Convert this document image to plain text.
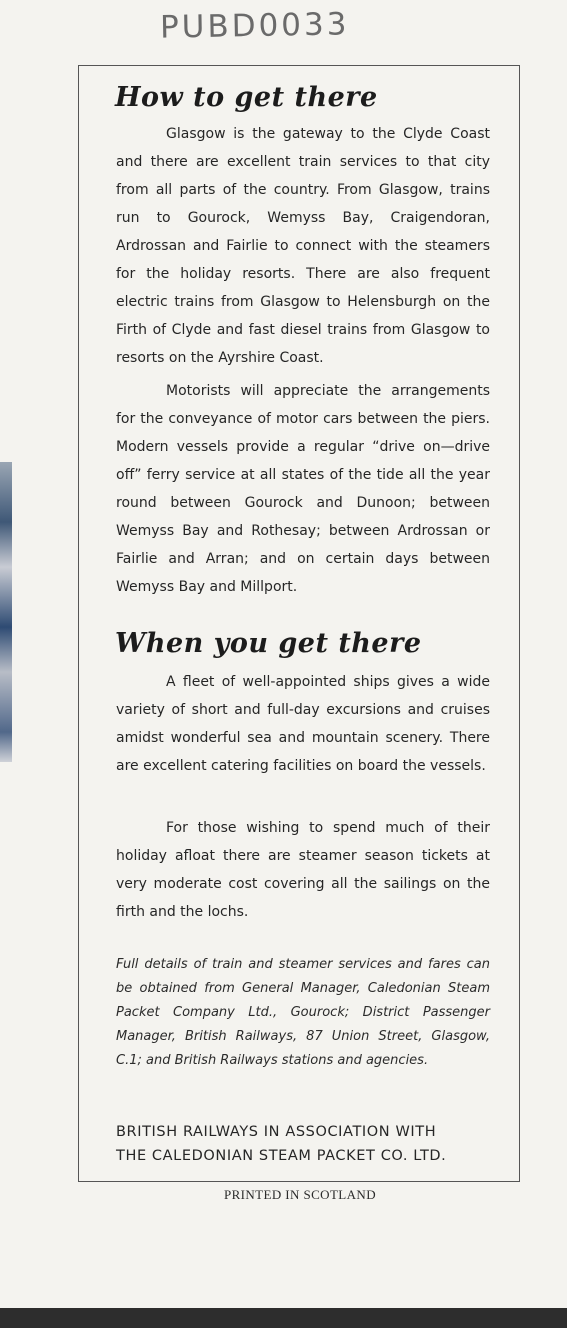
PUBD0033
How to get there

Glasgow is the gateway to the Clyde Coast and there are excellent train services to that city from all parts of the country. From Glasgow, trains run to Gourock, Wemyss Bay, Craigendoran, Ardrossan and Fairlie to connect with the steamers for the holiday resorts. There are also frequent electric trains from Glasgow to Helensburgh on the Firth of Clyde and fast diesel trains from Glasgow to resorts on the Ayrshire Coast.

Motorists will appreciate the arrangements for the conveyance of motor cars between the piers. Modern vessels provide a regular “drive on—drive off” ferry service at all states of the tide all the year round between Gourock and Dunoon; between Wemyss Bay and Rothesay; between Ardrossan or Fairlie and Arran; and on certain days between Wemyss Bay and Millport.

When you get there

A fleet of well-appointed ships gives a wide variety of short and full-day excursions and cruises amidst wonderful sea and mountain scenery. There are excellent catering facilities on board the vessels.

For those wishing to spend much of their holiday afloat there are steamer season tickets at very moderate cost covering all the sailings on the firth and the lochs.

Full details of train and steamer services and fares can be obtained from General Manager, Caledonian Steam Packet Company Ltd., Gourock; District Passenger Manager, British Railways, 87 Union Street, Glasgow, C.1; and British Railways stations and agencies.

BRITISH RAILWAYS IN ASSOCIATION WITH
THE CALEDONIAN STEAM PACKET CO. LTD.

PRINTED IN SCOTLAND
